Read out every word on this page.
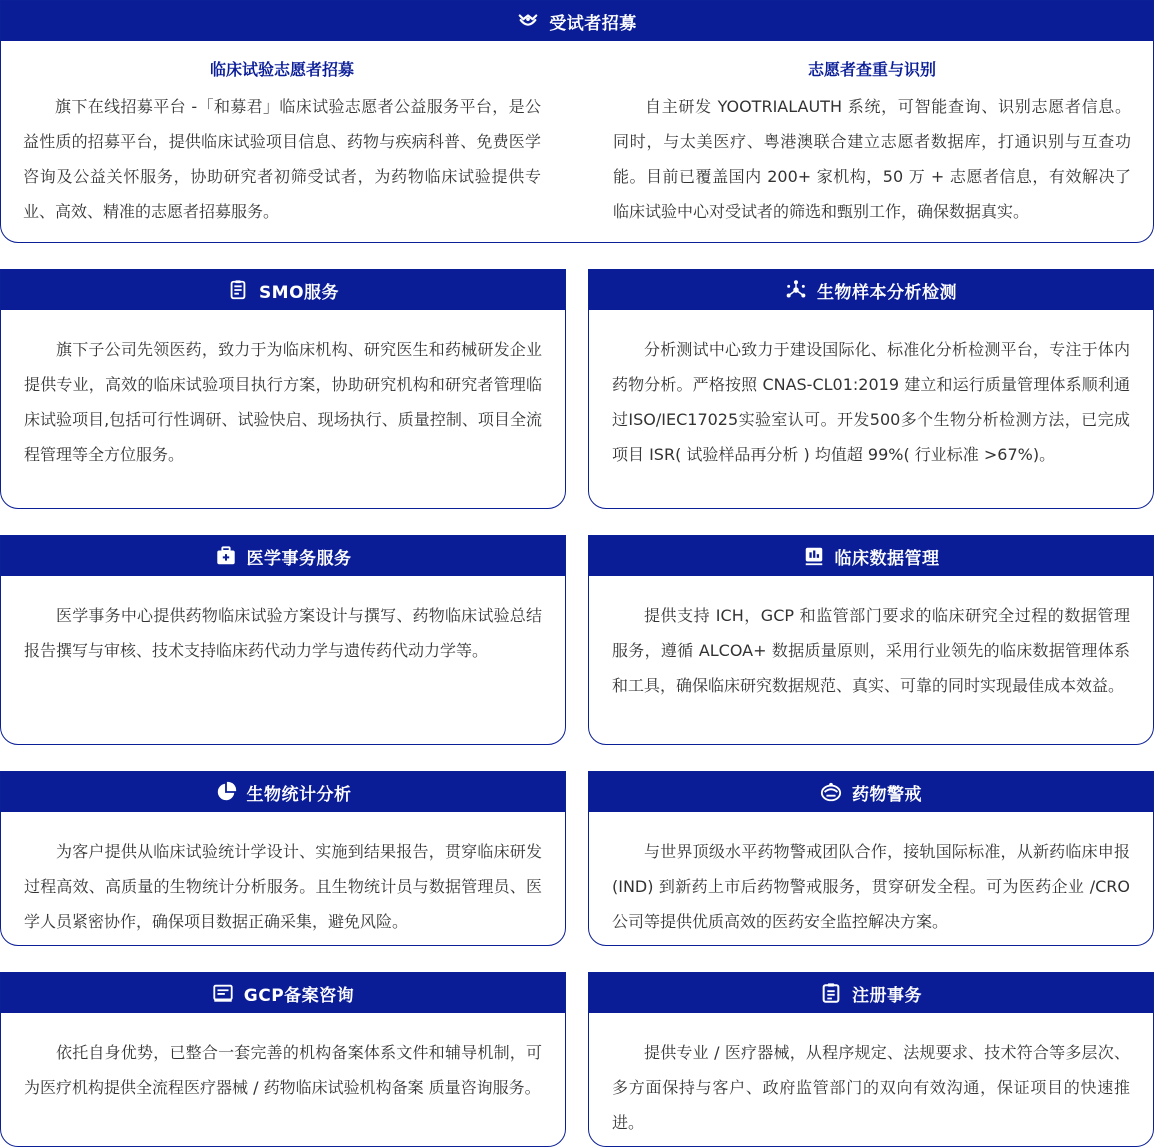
受试者招募
临床试验志愿者招募
旗下在线招募平台 -「和募君」临床试验志愿者公益服务平台，是公益性质的招募平台，提供临床试验项目信息、药物与疾病科普、免费医学咨询及公益关怀服务，协助研究者初筛受试者，为药物临床试验提供专业、高效、精准的志愿者招募服务。
志愿者查重与识别
自主研发 YOOTRIALAUTH 系统，可智能查询、识别志愿者信息。同时，与太美医疗、粤港澳联合建立志愿者数据库，打通识别与互查功能。目前已覆盖国内 200+ 家机构，50 万 + 志愿者信息，有效解决了临床试验中心对受试者的筛选和甄别工作，确保数据真实。
SMO服务
旗下子公司先领医药，致力于为临床机构、研究医生和药械研发企业提供专业，高效的临床试验项目执行方案，协助研究机构和研究者管理临床试验项目,包括可行性调研、试验快启、现场执行、质量控制、项目全流程管理等全方位服务。
生物样本分析检测
分析测试中心致力于建设国际化、标准化分析检测平台，专注于体内药物分析。严格按照 CNAS-CL01:2019 建立和运行质量管理体系顺利通过ISO/IEC17025实验室认可。开发500多个生物分析检测方法，已完成项目 ISR( 试验样品再分析 ) 均值超 99%( 行业标准 >67%)。
医学事务服务
医学事务中心提供药物临床试验方案设计与撰写、药物临床试验总结报告撰写与审核、技术支持临床药代动力学与遗传药代动力学等。
临床数据管理
提供支持 ICH，GCP 和监管部门要求的临床研究全过程的数据管理服务，遵循 ALCOA+ 数据质量原则，采用行业领先的临床数据管理体系和工具，确保临床研究数据规范、真实、可靠的同时实现最佳成本效益。
生物统计分析
为客户提供从临床试验统计学设计、实施到结果报告，贯穿临床研发过程高效、高质量的生物统计分析服务。且生物统计员与数据管理员、医学人员紧密协作，确保项目数据正确采集，避免风险。
药物警戒
与世界顶级水平药物警戒团队合作，接轨国际标准，从新药临床申报 (IND) 到新药上市后药物警戒服务，贯穿研发全程。可为医药企业 /CRO 公司等提供优质高效的医药安全监控解决方案。
GCP备案咨询
依托自身优势，已整合一套完善的机构备案体系文件和辅导机制，可为医疗机构提供全流程医疗器械 / 药物临床试验机构备案 质量咨询服务。
注册事务
提供专业 / 医疗器械，从程序规定、法规要求、技术符合等多层次、多方面保持与客户、政府监管部门的双向有效沟通，保证项目的快速推进。
